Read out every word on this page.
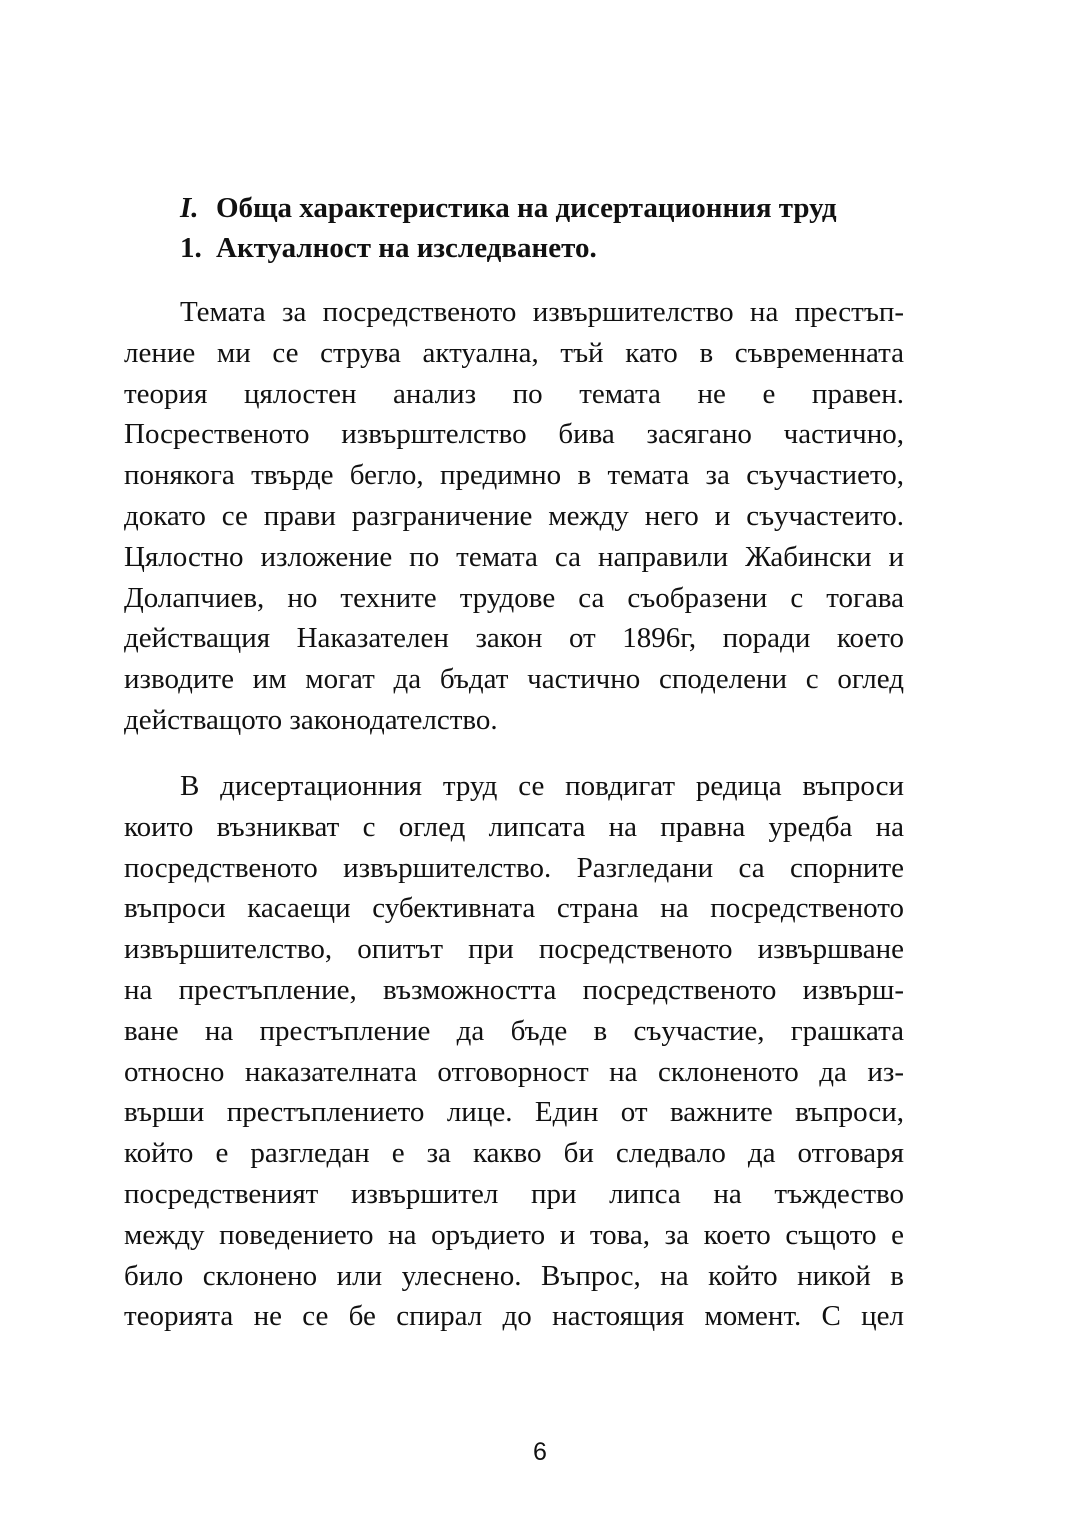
I. Обща характеристика на дисертационния труд
1. Актуалност на изследването.
Темата за посредственото извършителство на престъп-
ление ми се струва актуална, тъй като в съвременната
теория цялостен анализ по темата не е правен.
Посрественото извърштелство бива засягано частично,
понякога твърде бегло, предимно в темата за съучастието,
докато се прави разграничение между него и съучастеито.
Цялостно изложение по темата са направили Жабински и
Долапчиев, но техните трудове са съобразени с тогава
действащия Наказателен закон от 1896г, поради което
изводите им могат да бъдат частично споделени с оглед
действащото законодателство.
В дисертационния труд се повдигат редица въпроси
които възникват с оглед липсата на правна уредба на
посредственото извършителство. Разгледани са спорните
въпроси касаещи субективната страна на посредственото
извършителство, опитът при посредственото извършване
на престъпление, възможността посредственото извърш-
ване на престъпление да бъде в съучастие, грашката
относно наказателната отговорност на склоненото да из-
върши престъплението лице. Един от важните въпроси,
който е разгледан е за какво би следвало да отговаря
посредственият извършител при липса на тъждество
между поведението на оръдието и това, за което същото е
било склонено или улеснено. Въпрос, на който никой в
теорията не се бе спирал до настоящия момент. С цел
6
